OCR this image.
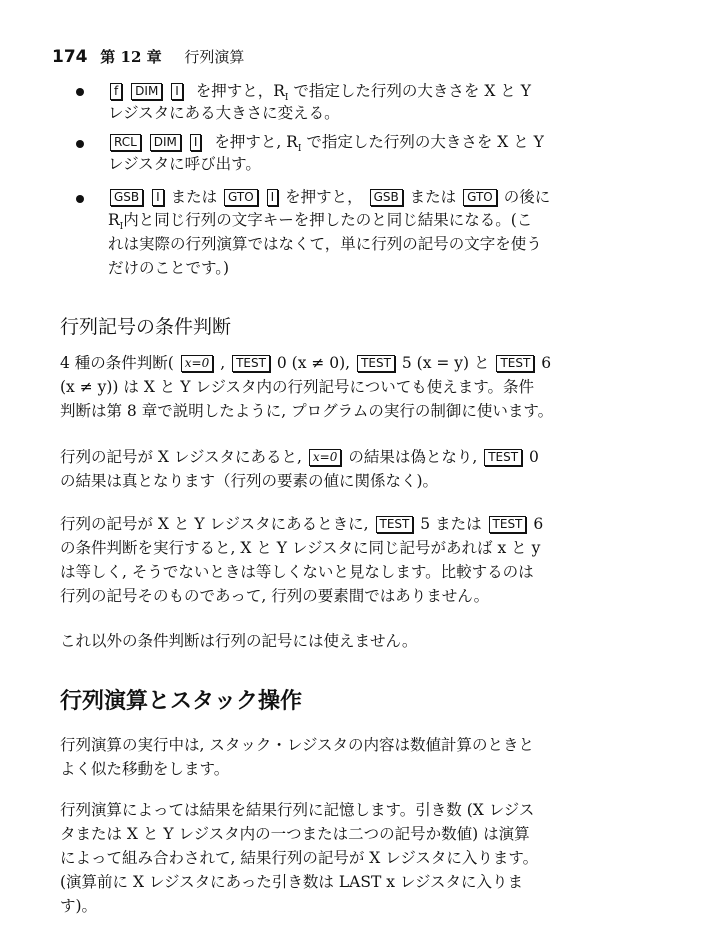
174 第 12 章 行列演算
f DIM I を押すと，$R_I$ で指定した行列の大きさを X と Y
レジスタにある大きさに変える。
RCL DIM I を押すと, $R_I$ で指定した行列の大きさを X と Y
レジスタに呼び出す。
GSB I または GTO I を押すと， GSB または GTO の後に
$R_I$内と同じ行列の文字キーを押したのと同じ結果になる。(こ
れは実際の行列演算ではなくて，単に行列の記号の文字を使う
だけのことです。)
行列記号の条件判断
4 種の条件判断( x=0 , TEST 0 (x ≠ 0), TEST 5 (x = y) と TEST 6
(x ≠ y)) は X と Y レジスタ内の行列記号についても使えます。条件
判断は第 8 章で説明したように, プログラムの実行の制御に使います。
行列の記号が X レジスタにあると, x=0 の結果は偽となり, TEST 0
の結果は真となります（行列の要素の値に関係なく)。
行列の記号が X と Y レジスタにあるときに, TEST 5 または TEST 6
の条件判断を実行すると, X と Y レジスタに同じ記号があれば x と y
は等しく, そうでないときは等しくないと見なします。比較するのは
行列の記号そのものであって, 行列の要素間ではありません。
これ以外の条件判断は行列の記号には使えません。
行列演算とスタック操作
行列演算の実行中は, スタック・レジスタの内容は数値計算のときと
よく似た移動をします。
行列演算によっては結果を結果行列に記憶します。引き数 (X レジス
タまたは X と Y レジスタ内の一つまたは二つの記号か数値) は演算
によって組み合わされて, 結果行列の記号が X レジスタに入ります。
(演算前に X レジスタにあった引き数は LAST x レジスタに入りま
す)。
